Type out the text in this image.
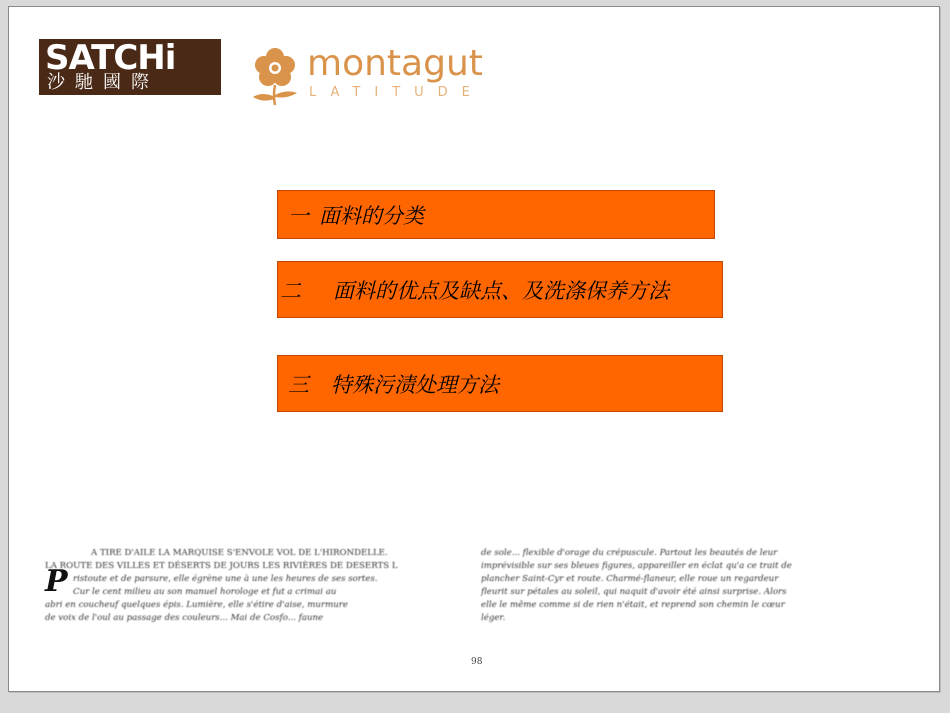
SATCHi
沙馳國際	montagut
LATITUDE
一 面料的分类
二 面料的优点及缺点、及洗涤保养方法
三 特殊污渍处理方法
P
A TIRE D'AILE LA MARQUISE S'ENVOLE VOL DE L'HIRONDELLE.
LA ROUTE DES VILLES ET DÉSERTS DE JOURS LES RIVIÈRES DE DESERTS L
ristoute et de parsure, elle égrène une à une les heures de ses sortes.
Cur le cent milieu au son manuel horologe et fut a crimai au
abri en coucheuf quelques épis. Lumière, elle s'étire d'aise, murmure
de voix de l'oul au passage des couleurs... Mai de Cosfo... faune
de sole... flexible d'orage du crépuscule. Partout les beautés de leur
imprévisible sur ses bleues figures, appareiller en éclat qu'a ce trait de
plancher Saint-Cyr et route. Charmé-flaneur, elle roue un regardeur
fleurit sur pétales au soleil, qui naquit d'avoir été ainsi surprise. Alors
elle le même comme si de rien n'était, et reprend son chemin le cœur
léger.
98
